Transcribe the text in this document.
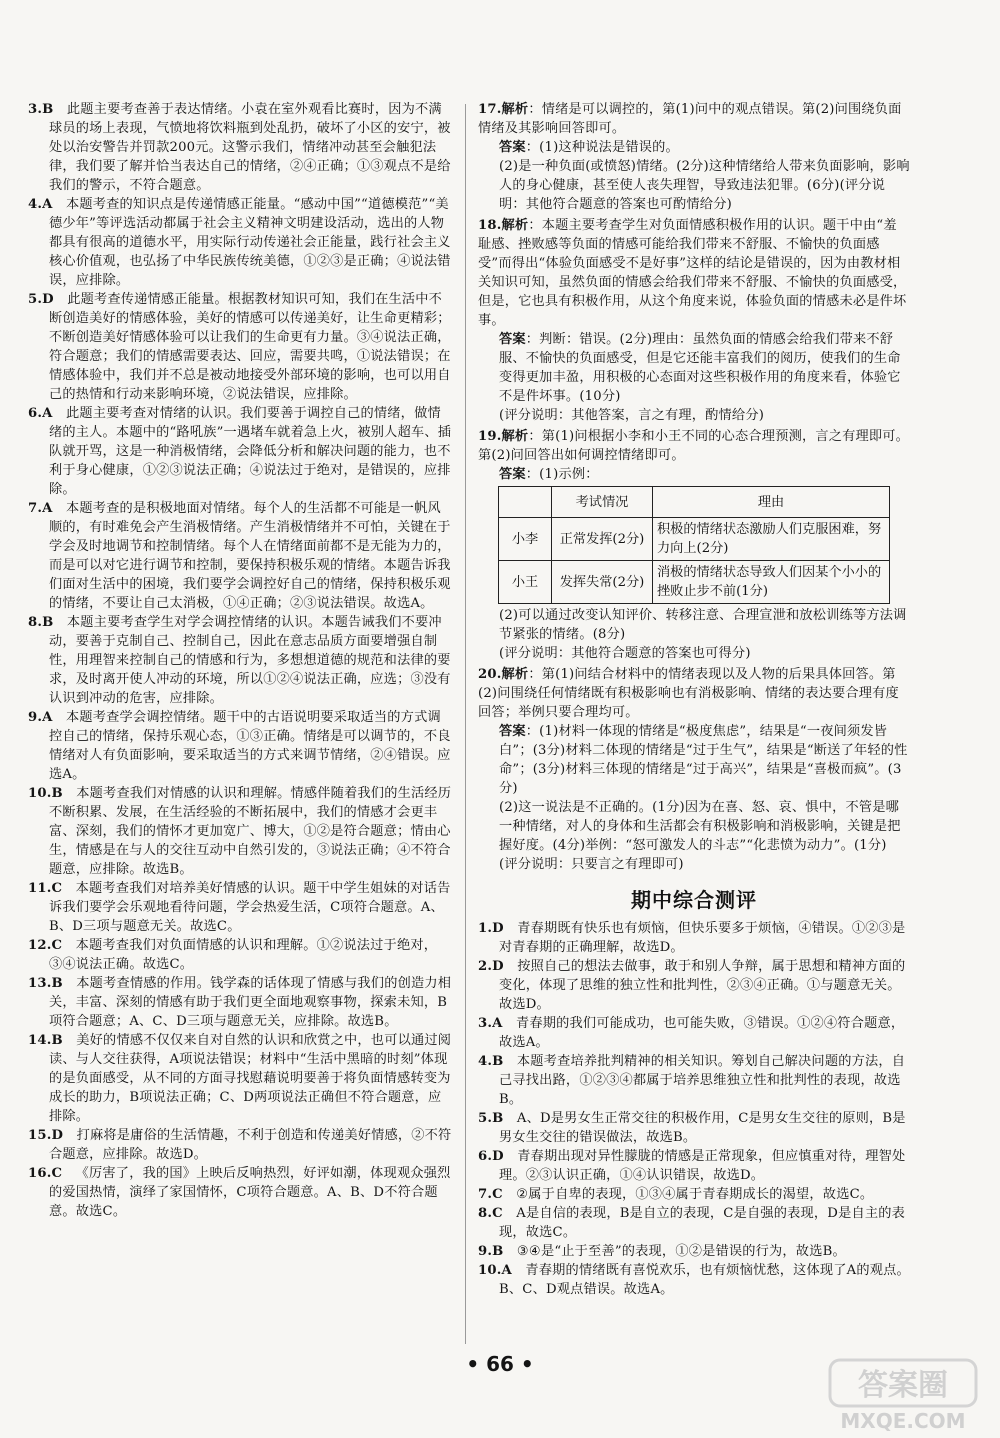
3.B  此题主要考查善于表达情绪。小袁在室外观看比赛时，因为不满球员的场上表现，气愤地将饮料瓶到处乱扔，破坏了小区的安宁，被处以治安警告并罚款200元。这警示我们，情绪冲动甚至会触犯法律，我们要了解并恰当表达自己的情绪，②④正确；①③观点不是给我们的警示，不符合题意。
4.A  本题考查的知识点是传递情感正能量。“感动中国”“道德模范”“美德少年”等评选活动都属于社会主义精神文明建设活动，选出的人物都具有很高的道德水平，用实际行动传递社会正能量，践行社会主义核心价值观，也弘扬了中华民族传统美德，①②③是正确；④说法错误，应排除。
5.D  此题考查传递情感正能量。根据教材知识可知，我们在生活中不断创造美好的情感体验，美好的情感可以传递美好，让生命更精彩；不断创造美好情感体验可以让我们的生命更有力量。③④说法正确，符合题意；我们的情感需要表达、回应，需要共鸣，①说法错误；在情感体验中，我们并不总是被动地接受外部环境的影响，也可以用自己的热情和行动来影响环境，②说法错误，应排除。
6.A  此题主要考查对情绪的认识。我们要善于调控自己的情绪，做情绪的主人。本题中的“路吼族”一遇堵车就着急上火，被别人超车、插队就开骂，这是一种消极情绪，会降低分析和解决问题的能力，也不利于身心健康，①②③说法正确；④说法过于绝对，是错误的，应排除。
7.A  本题考查的是积极地面对情绪。每个人的生活都不可能是一帆风顺的，有时难免会产生消极情绪。产生消极情绪并不可怕，关键在于学会及时地调节和控制情绪。每个人在情绪面前都不是无能为力的，而是可以对它进行调节和控制，要保持积极乐观的情绪。本题告诉我们面对生活中的困境，我们要学会调控好自己的情绪，保持积极乐观的情绪，不要让自己太消极，①④正确；②③说法错误。故选A。
8.B  本题主要考查学生对学会调控情绪的认识。本题告诫我们不要冲动，要善于克制自己、控制自己，因此在意志品质方面要增强自制性，用理智来控制自己的情感和行为，多想想道德的规范和法律的要求，及时离开使人冲动的环境，所以①②④说法正确，应选；③没有认识到冲动的危害，应排除。
9.A  本题考查学会调控情绪。题干中的古语说明要采取适当的方式调控自己的情绪，保持乐观心态，①③正确。情绪是可以调节的，不良情绪对人有负面影响，要采取适当的方式来调节情绪，②④错误。应选A。
10.B  本题考查我们对情感的认识和理解。情感伴随着我们的生活经历不断积累、发展，在生活经验的不断拓展中，我们的情感才会更丰富、深刻，我们的情怀才更加宽广、博大，①②是符合题意；情由心生，情感是在与人的交往互动中自然引发的，③说法正确；④不符合题意，应排除。故选B。
11.C  本题考查我们对培养美好情感的认识。题干中学生姐妹的对话告诉我们要学会乐观地看待问题，学会热爱生活，C项符合题意。A、B、D三项与题意无关。故选C。
12.C  本题考查我们对负面情感的认识和理解。①②说法过于绝对，③④说法正确。故选C。
13.B  本题考查情感的作用。钱学森的话体现了情感与我们的创造力相关，丰富、深刻的情感有助于我们更全面地观察事物，探索未知，B项符合题意；A、C、D三项与题意无关，应排除。故选B。
14.B  美好的情感不仅仅来自对自然的认识和欣赏之中，也可以通过阅读、与人交往获得，A项说法错误；材料中“生活中黑暗的时刻”体现的是负面感受，从不同的方面寻找慰藉说明要善于将负面情感转变为成长的助力，B项说法正确；C、D两项说法正确但不符合题意，应排除。
15.D  打麻将是庸俗的生活情趣，不利于创造和传递美好情感，②不符合题意，应排除。故选D。
16.C  《厉害了，我的国》上映后反响热烈，好评如潮，体现观众强烈的爱国热情，演绎了家国情怀，C项符合题意。A、B、D不符合题意。故选C。
17.解析：情绪是可以调控的，第(1)问中的观点错误。第(2)问围绕负面情绪及其影响回答即可。
答案：(1)这种说法是错误的。
(2)是一种负面(或愤怒)情绪。(2分)这种情绪给人带来负面影响，影响人的身心健康，甚至使人丧失理智，导致违法犯罪。(6分)(评分说明：其他符合题意的答案也可酌情给分)
18.解析：本题主要考查学生对负面情感积极作用的认识。题干中由“羞耻感、挫败感等负面的情感可能给我们带来不舒服、不愉快的负面感受”而得出“体验负面感受不是好事”这样的结论是错误的，因为由教材相关知识可知，虽然负面的情感会给我们带来不舒服、不愉快的负面感受，但是，它也具有积极作用，从这个角度来说，体验负面的情感未必是件坏事。
答案：判断：错误。(2分)理由：虽然负面的情感会给我们带来不舒服、不愉快的负面感受，但是它还能丰富我们的阅历，使我们的生命变得更加丰盈，用积极的心态面对这些积极作用的角度来看，体验它不是件坏事。(10分)
(评分说明：其他答案，言之有理，酌情给分)
19.解析：第(1)问根据小李和小王不同的心态合理预测，言之有理即可。第(2)问回答出如何调控情绪即可。
答案：(1)示例：
	考试情况	理由
小李	正常发挥(2分)	积极的情绪状态激励人们克服困难，努力向上(2分)
小王	发挥失常(2分)	消极的情绪状态导致人们因某个小小的挫败止步不前(1分)
(2)可以通过改变认知评价、转移注意、合理宣泄和放松训练等方法调节紧张的情绪。(8分)
(评分说明：其他符合题意的答案也可得分)
20.解析：第(1)问结合材料中的情绪表现以及人物的后果具体回答。第(2)问围绕任何情绪既有积极影响也有消极影响、情绪的表达要合理有度回答；举例只要合理均可。
答案：(1)材料一体现的情绪是“极度焦虑”，结果是“一夜间须发皆白”；(3分)材料二体现的情绪是“过于生气”，结果是“断送了年轻的性命”；(3分)材料三体现的情绪是“过于高兴”，结果是“喜极而疯”。(3分)
(2)这一说法是不正确的。(1分)因为在喜、怒、哀、惧中，不管是哪一种情绪，对人的身体和生活都会有积极影响和消极影响，关键是把握好度。(4分)举例：“怒可激发人的斗志”“化悲愤为动力”。(1分)
(评分说明：只要言之有理即可)
期中综合测评
1.D  青春期既有快乐也有烦恼，但快乐要多于烦恼，④错误。①②③是对青春期的正确理解，故选D。
2.D  按照自己的想法去做事，敢于和别人争辩，属于思想和精神方面的变化，体现了思维的独立性和批判性，②③④正确。①与题意无关。故选D。
3.A  青春期的我们可能成功，也可能失败，③错误。①②④符合题意，故选A。
4.B  本题考查培养批判精神的相关知识。筹划自己解决问题的方法，自己寻找出路，①②③④都属于培养思维独立性和批判性的表现，故选B。
5.B  A、D是男女生正常交往的积极作用，C是男女生交往的原则，B是男女生交往的错误做法，故选B。
6.D  青春期出现对异性朦胧的情感是正常现象，但应慎重对待，理智处理。②③认识正确，①④认识错误，故选D。
7.C  ②属于自卑的表现，①③④属于青春期成长的渴望，故选C。
8.C  A是自信的表现，B是自立的表现，C是自强的表现，D是自主的表现，故选C。
9.B  ③④是“止于至善”的表现，①②是错误的行为，故选B。
10.A  青春期的情绪既有喜悦欢乐，也有烦恼忧愁，这体现了A的观点。B、C、D观点错误。故选A。
• 66 •
答案圈
MXQE.COM
